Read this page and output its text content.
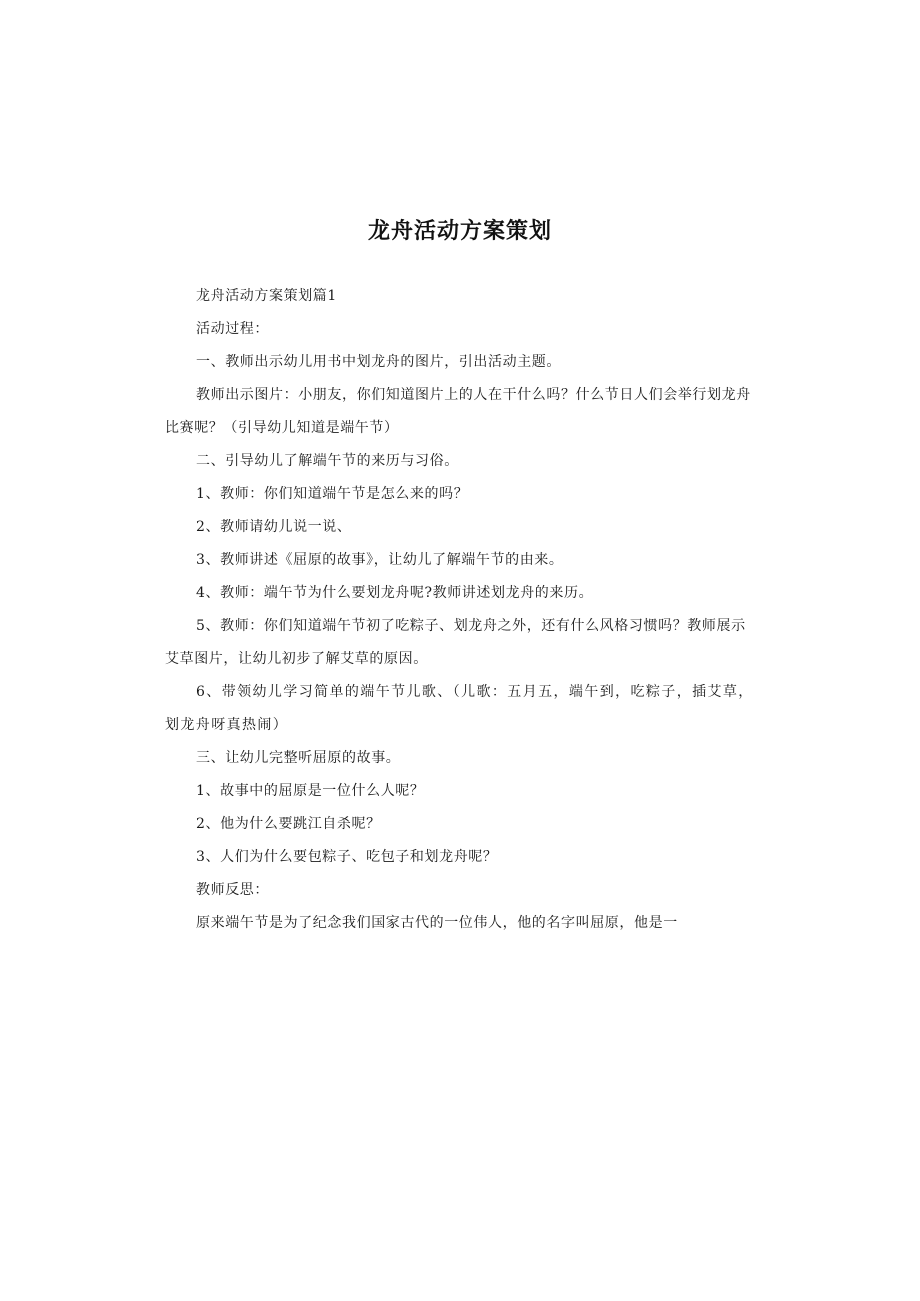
龙舟活动方案策划

龙舟活动方案策划篇1

活动过程：

一、教师出示幼儿用书中划龙舟的图片，引出活动主题。

教师出示图片：小朋友，你们知道图片上的人在干什么吗？什么节日人们会举行划龙舟比赛呢？（引导幼儿知道是端午节）

二、引导幼儿了解端午节的来历与习俗。

1、教师：你们知道端午节是怎么来的吗？

2、教师请幼儿说一说、

3、教师讲述《屈原的故事》，让幼儿了解端午节的由来。

4、教师：端午节为什么要划龙舟呢?教师讲述划龙舟的来历。

5、教师：你们知道端午节初了吃粽子、划龙舟之外，还有什么风格习惯吗？教师展示艾草图片，让幼儿初步了解艾草的原因。

6、带领幼儿学习简单的端午节儿歌、（儿歌：五月五，端午到，吃粽子，插艾草，划龙舟呀真热闹）

三、让幼儿完整听屈原的故事。

1、故事中的屈原是一位什么人呢？

2、他为什么要跳江自杀呢？

3、人们为什么要包粽子、吃包子和划龙舟呢？

教师反思：

原来端午节是为了纪念我们国家古代的一位伟人，他的名字叫屈原，他是一
